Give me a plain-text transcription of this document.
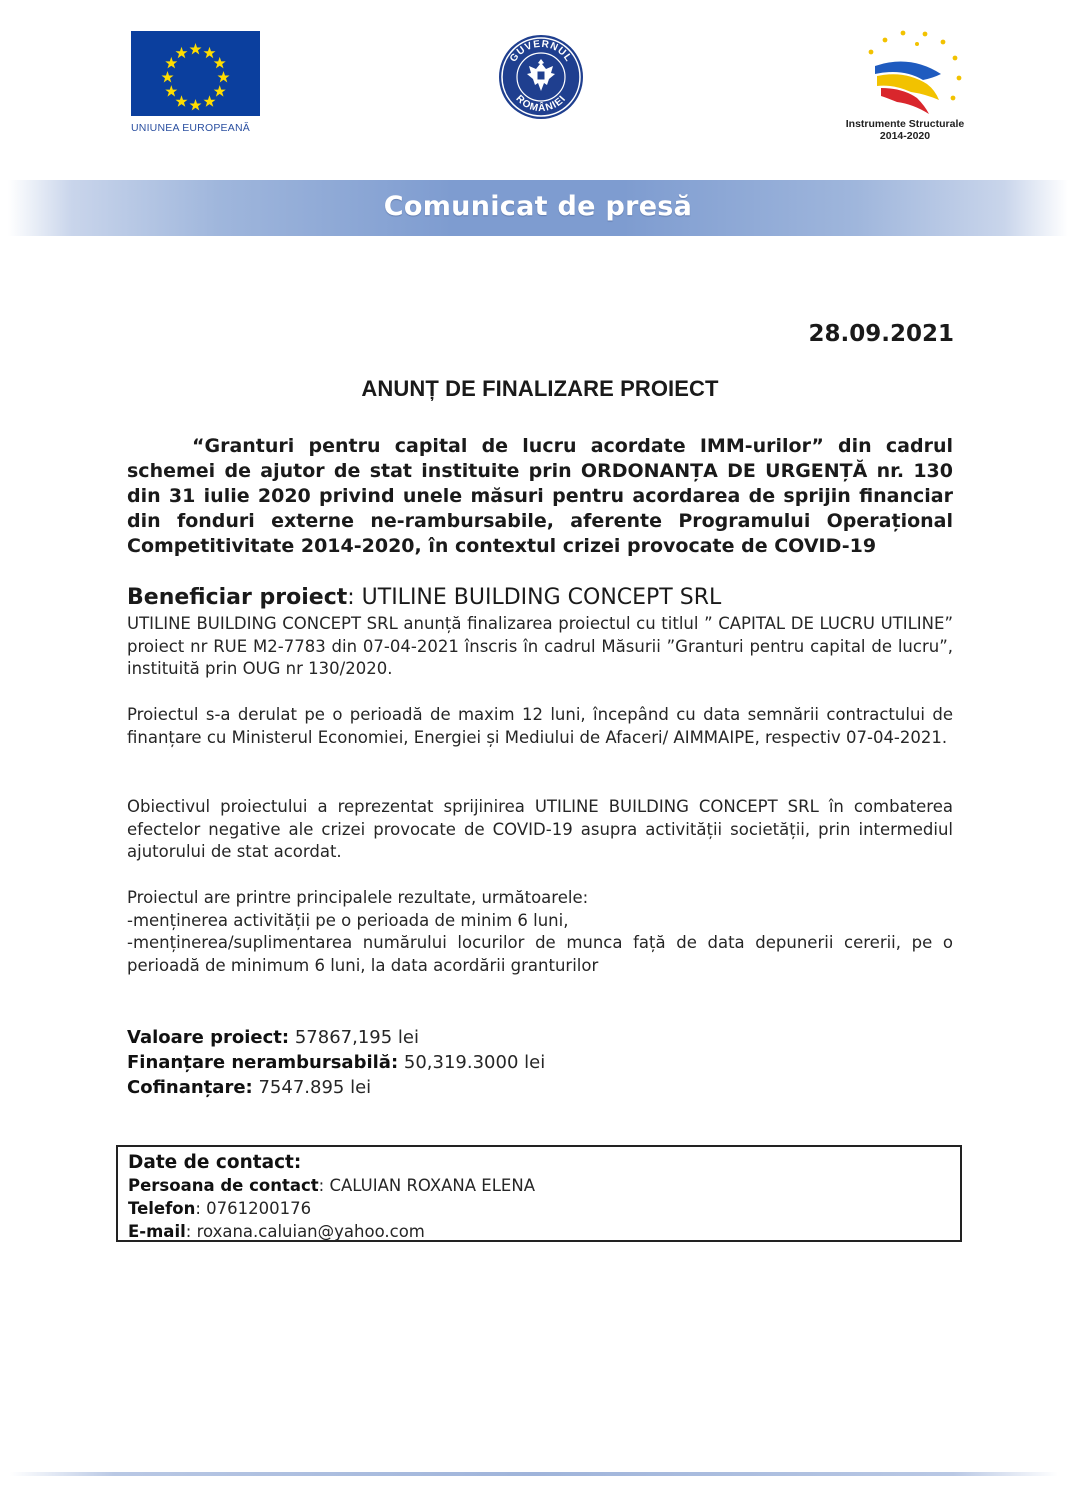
UNIUNEA EUROPEANĂ
GUVERNUL
ROMÂNIEI
Instrumente Structurale
2014-2020
Comunicat de presă
28.09.2021
ANUNȚ DE FINALIZARE PROIECT
“Granturi pentru capital de lucru acordate IMM-urilor” din cadrul schemei de ajutor de stat instituite prin ORDONANȚA DE URGENȚĂ nr. 130 din 31 iulie 2020 privind unele măsuri pentru acordarea de sprijin financiar din fonduri externe ne-rambursabile, aferente Programului Operațional Competitivitate 2014-2020, în contextul crizei provocate de COVID-19
Beneficiar proiect: UTILINE BUILDING CONCEPT SRL
UTILINE BUILDING CONCEPT SRL anunță finalizarea proiectul cu titlul ” CAPITAL DE LUCRU UTILINE” proiect nr RUE M2-7783 din 07-04-2021 înscris în cadrul Măsurii ”Granturi pentru capital de lucru”, instituită prin OUG nr 130/2020.
Proiectul s-a derulat pe o perioadă de maxim 12 luni, începând cu data semnării contractului de finanțare cu Ministerul Economiei, Energiei și Mediului de Afaceri/ AIMMAIPE, respectiv 07-04-2021.
Obiectivul proiectului a reprezentat sprijinirea UTILINE BUILDING CONCEPT SRL în combaterea efectelor negative ale crizei provocate de COVID-19 asupra activității societății, prin intermediul ajutorului de stat acordat.
Proiectul are printre principalele rezultate, următoarele:
-menținerea activității pe o perioada de minim 6 luni,
-menținerea/suplimentarea numărului locurilor de munca față de data depunerii cererii, pe o perioadă de minimum 6 luni, la data acordării granturilor
Valoare proiect: 57867,195 lei
Finanțare nerambursabilă: 50,319.3000 lei
Cofinanțare: 7547.895 lei
Date de contact:
Persoana de contact: CALUIAN ROXANA ELENA
Telefon: 0761200176
E-mail: roxana.caluian@yahoo.com
